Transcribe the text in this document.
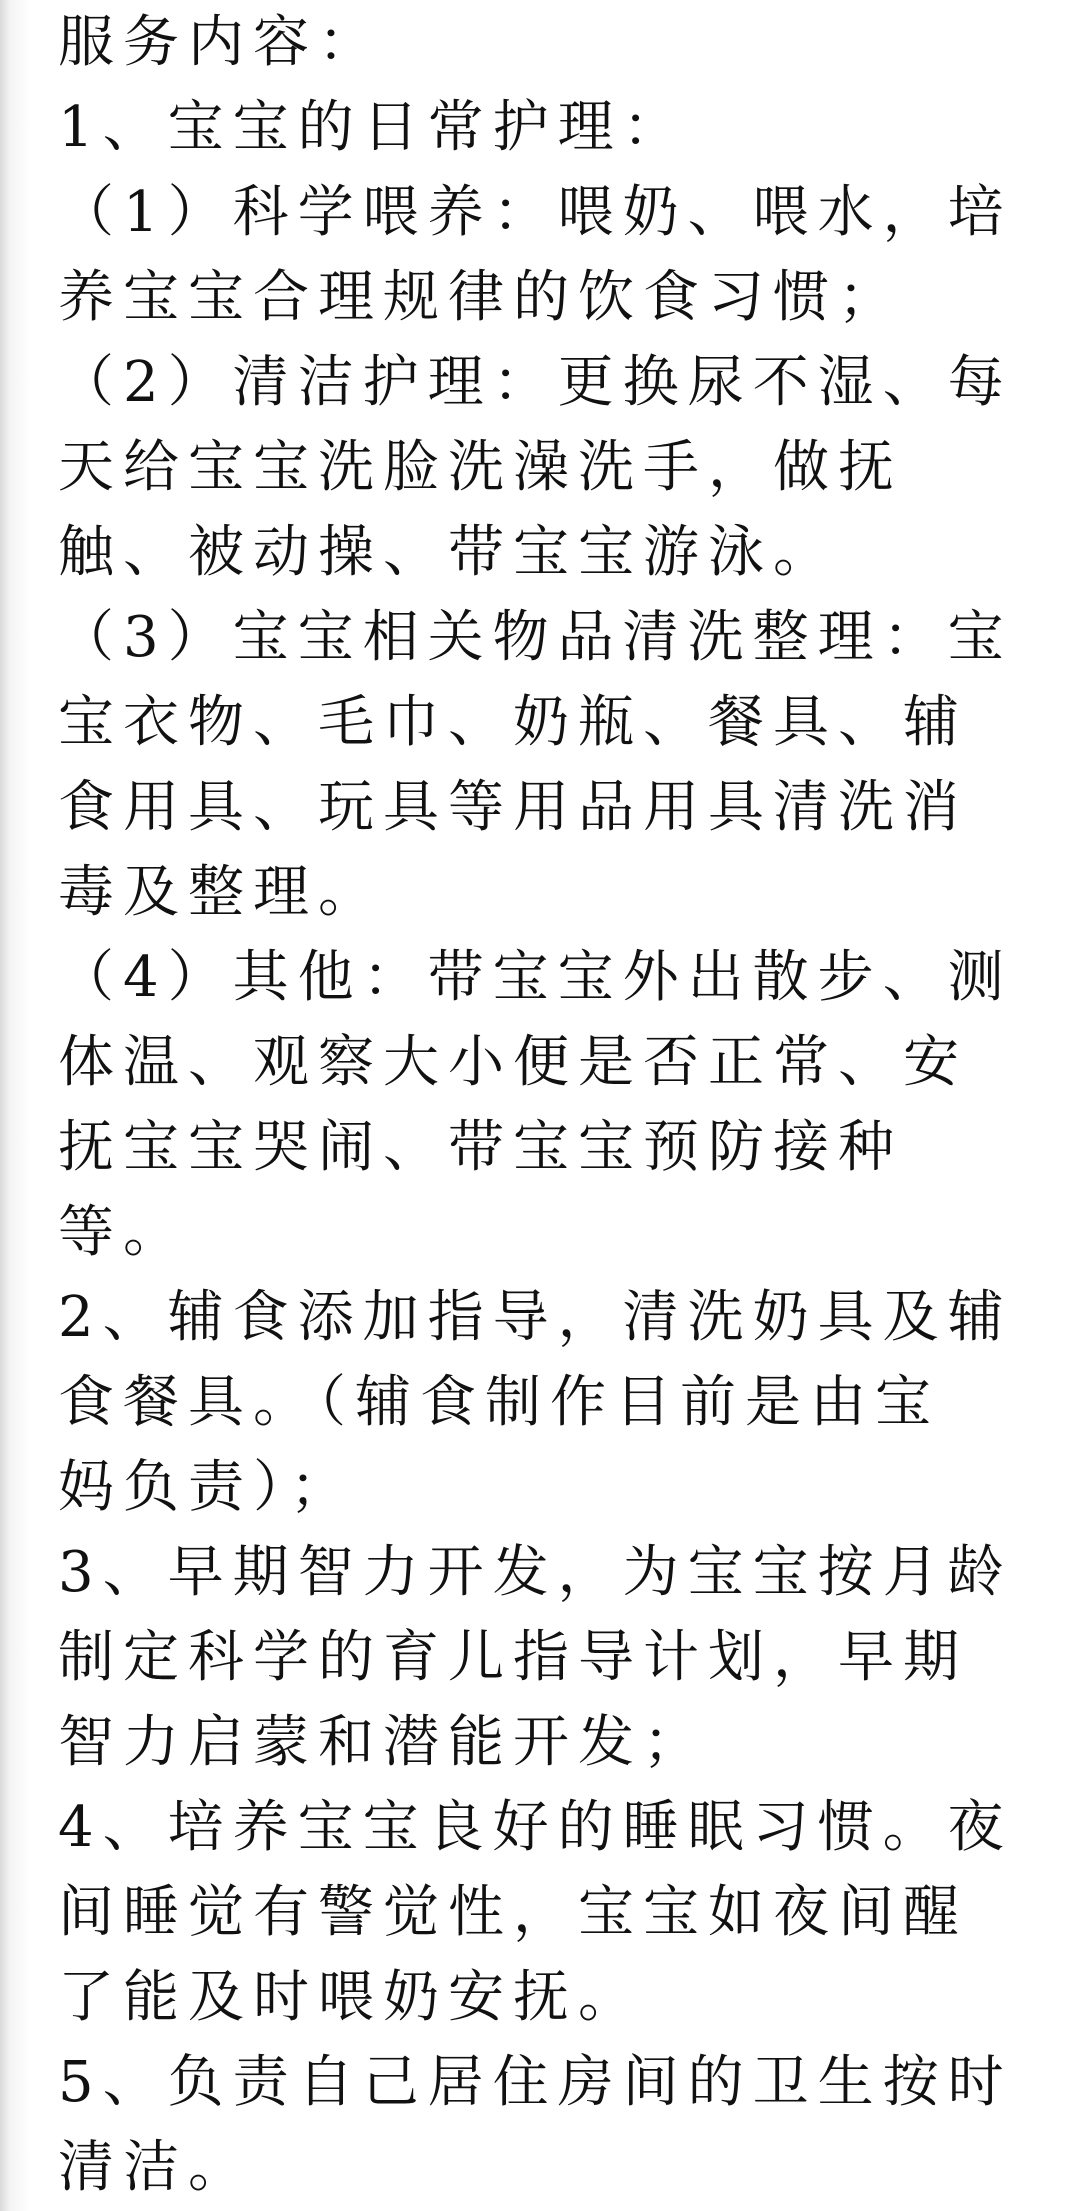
服务内容：
1、宝宝的日常护理：
（1）科学喂养：喂奶、喂水，培
养宝宝合理规律的饮食习惯；
（2）清洁护理：更换尿不湿、每
天给宝宝洗脸洗澡洗手，做抚
触、被动操、带宝宝游泳。
（3）宝宝相关物品清洗整理：宝
宝衣物、毛巾、奶瓶、餐具、辅
食用具、玩具等用品用具清洗消
毒及整理。
（4）其他：带宝宝外出散步、测
体温、观察大小便是否正常、安
抚宝宝哭闹、带宝宝预防接种
等。
2、辅食添加指导，清洗奶具及辅
食餐具。（辅食制作目前是由宝
妈负责）；
3、早期智力开发，为宝宝按月龄
制定科学的育儿指导计划，早期
智力启蒙和潜能开发；
4、培养宝宝良好的睡眠习惯。夜
间睡觉有警觉性，宝宝如夜间醒
了能及时喂奶安抚。
5、负责自己居住房间的卫生按时
清洁。
